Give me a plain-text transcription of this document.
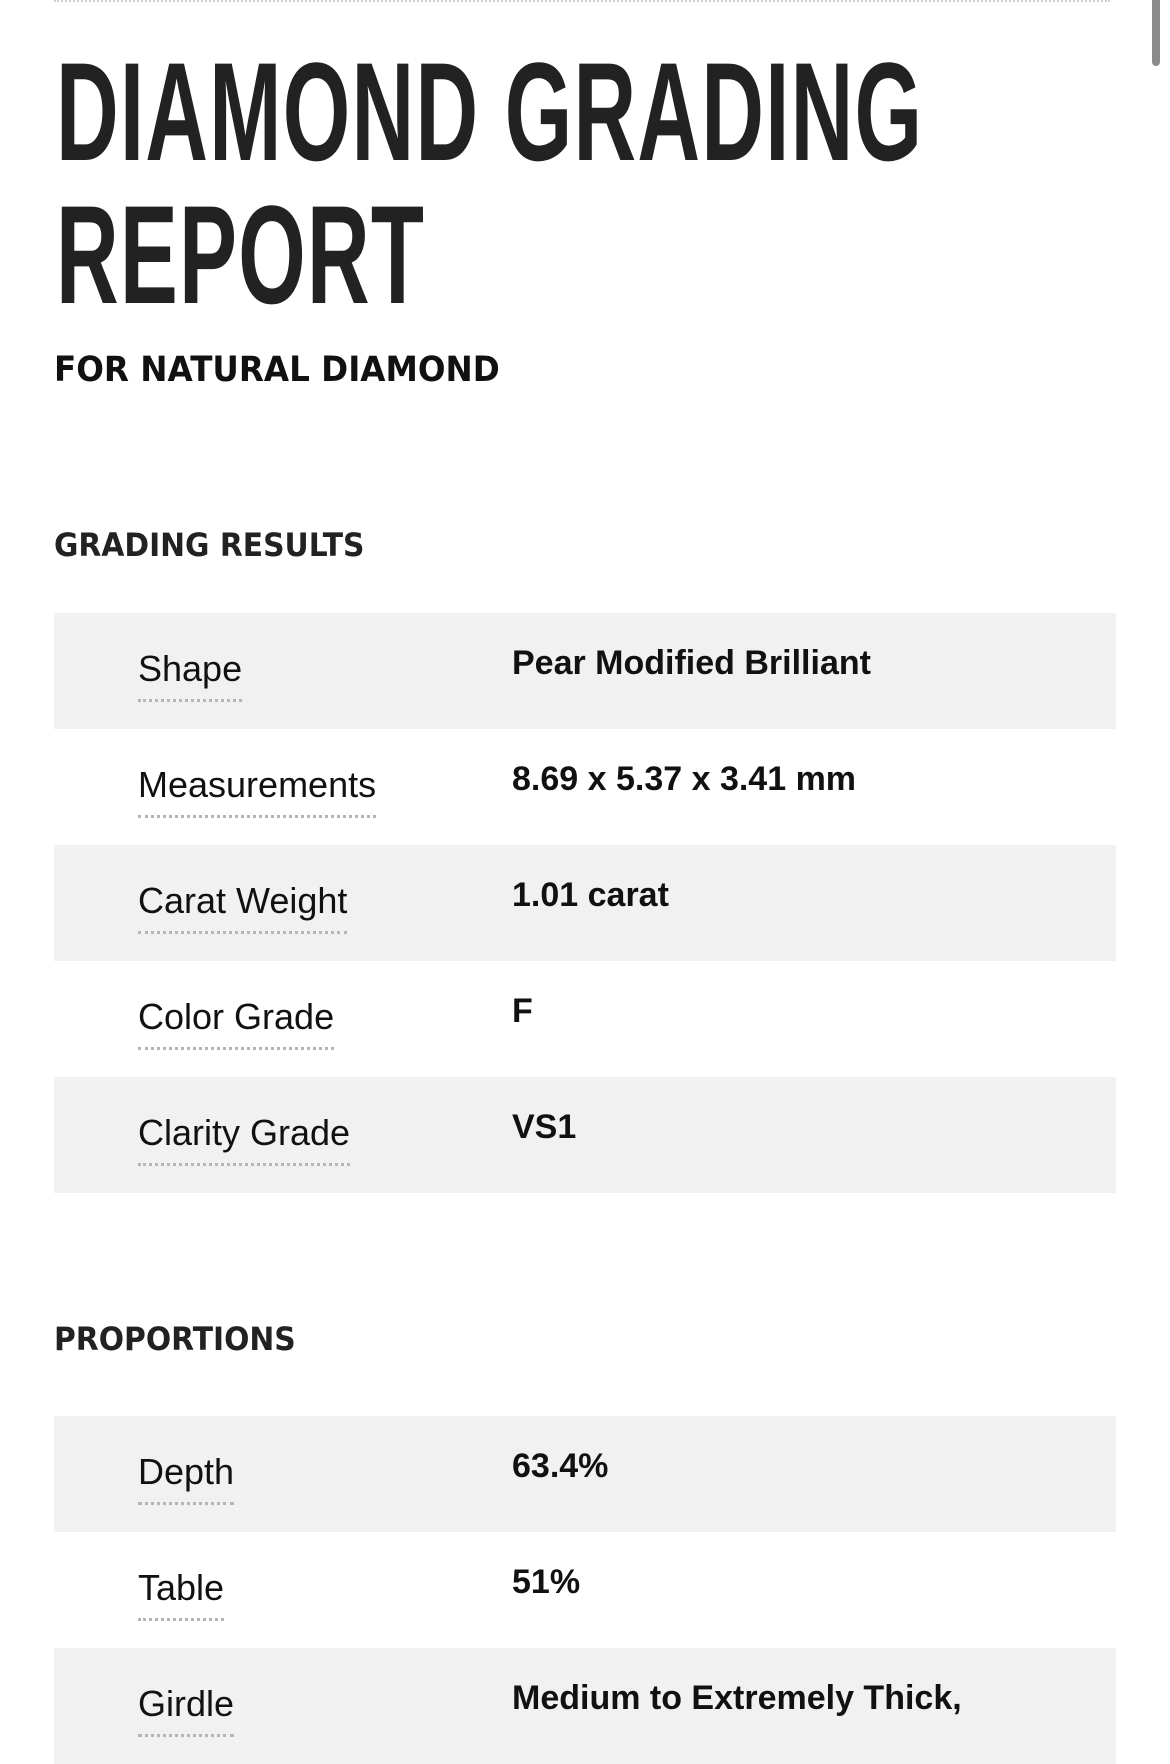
DIAMOND GRADING
REPORT
FOR NATURAL DIAMOND
GRADING RESULTS
Shape	Pear Modified Brilliant
Measurements	8.69 x 5.37 x 3.41 mm
Carat Weight	1.01 carat
Color Grade	F
Clarity Grade	VS1
PROPORTIONS
Depth	63.4%
Table	51%
Girdle	Medium to Extremely Thick,
